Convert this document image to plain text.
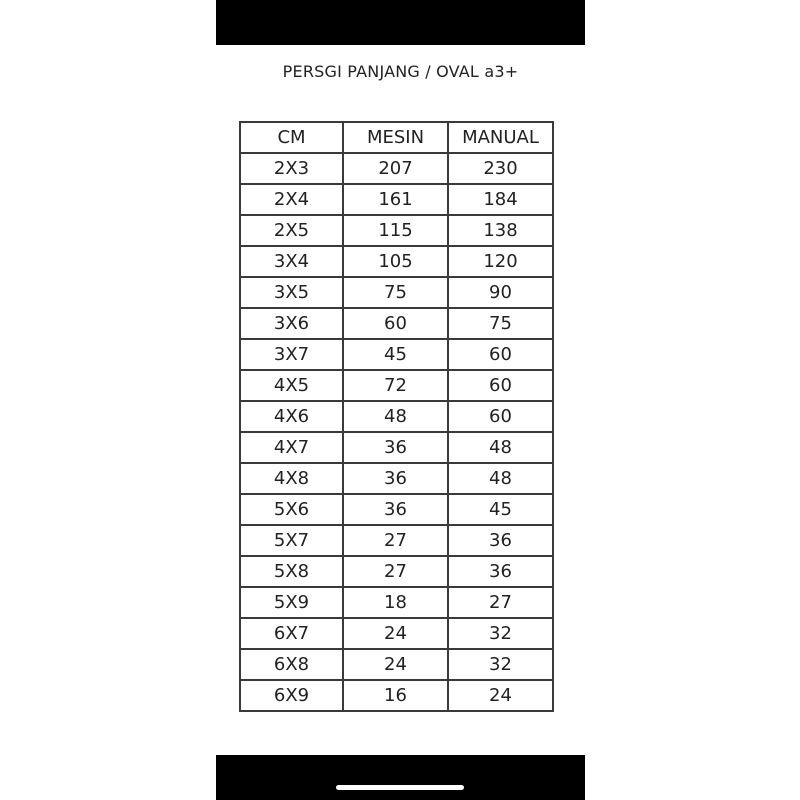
PERSGI PANJANG / OVAL a3+
CM	MESIN	MANUAL
2X3	207	230
2X4	161	184
2X5	115	138
3X4	105	120
3X5	75	90
3X6	60	75
3X7	45	60
4X5	72	60
4X6	48	60
4X7	36	48
4X8	36	48
5X6	36	45
5X7	27	36
5X8	27	36
5X9	18	27
6X7	24	32
6X8	24	32
6X9	16	24
